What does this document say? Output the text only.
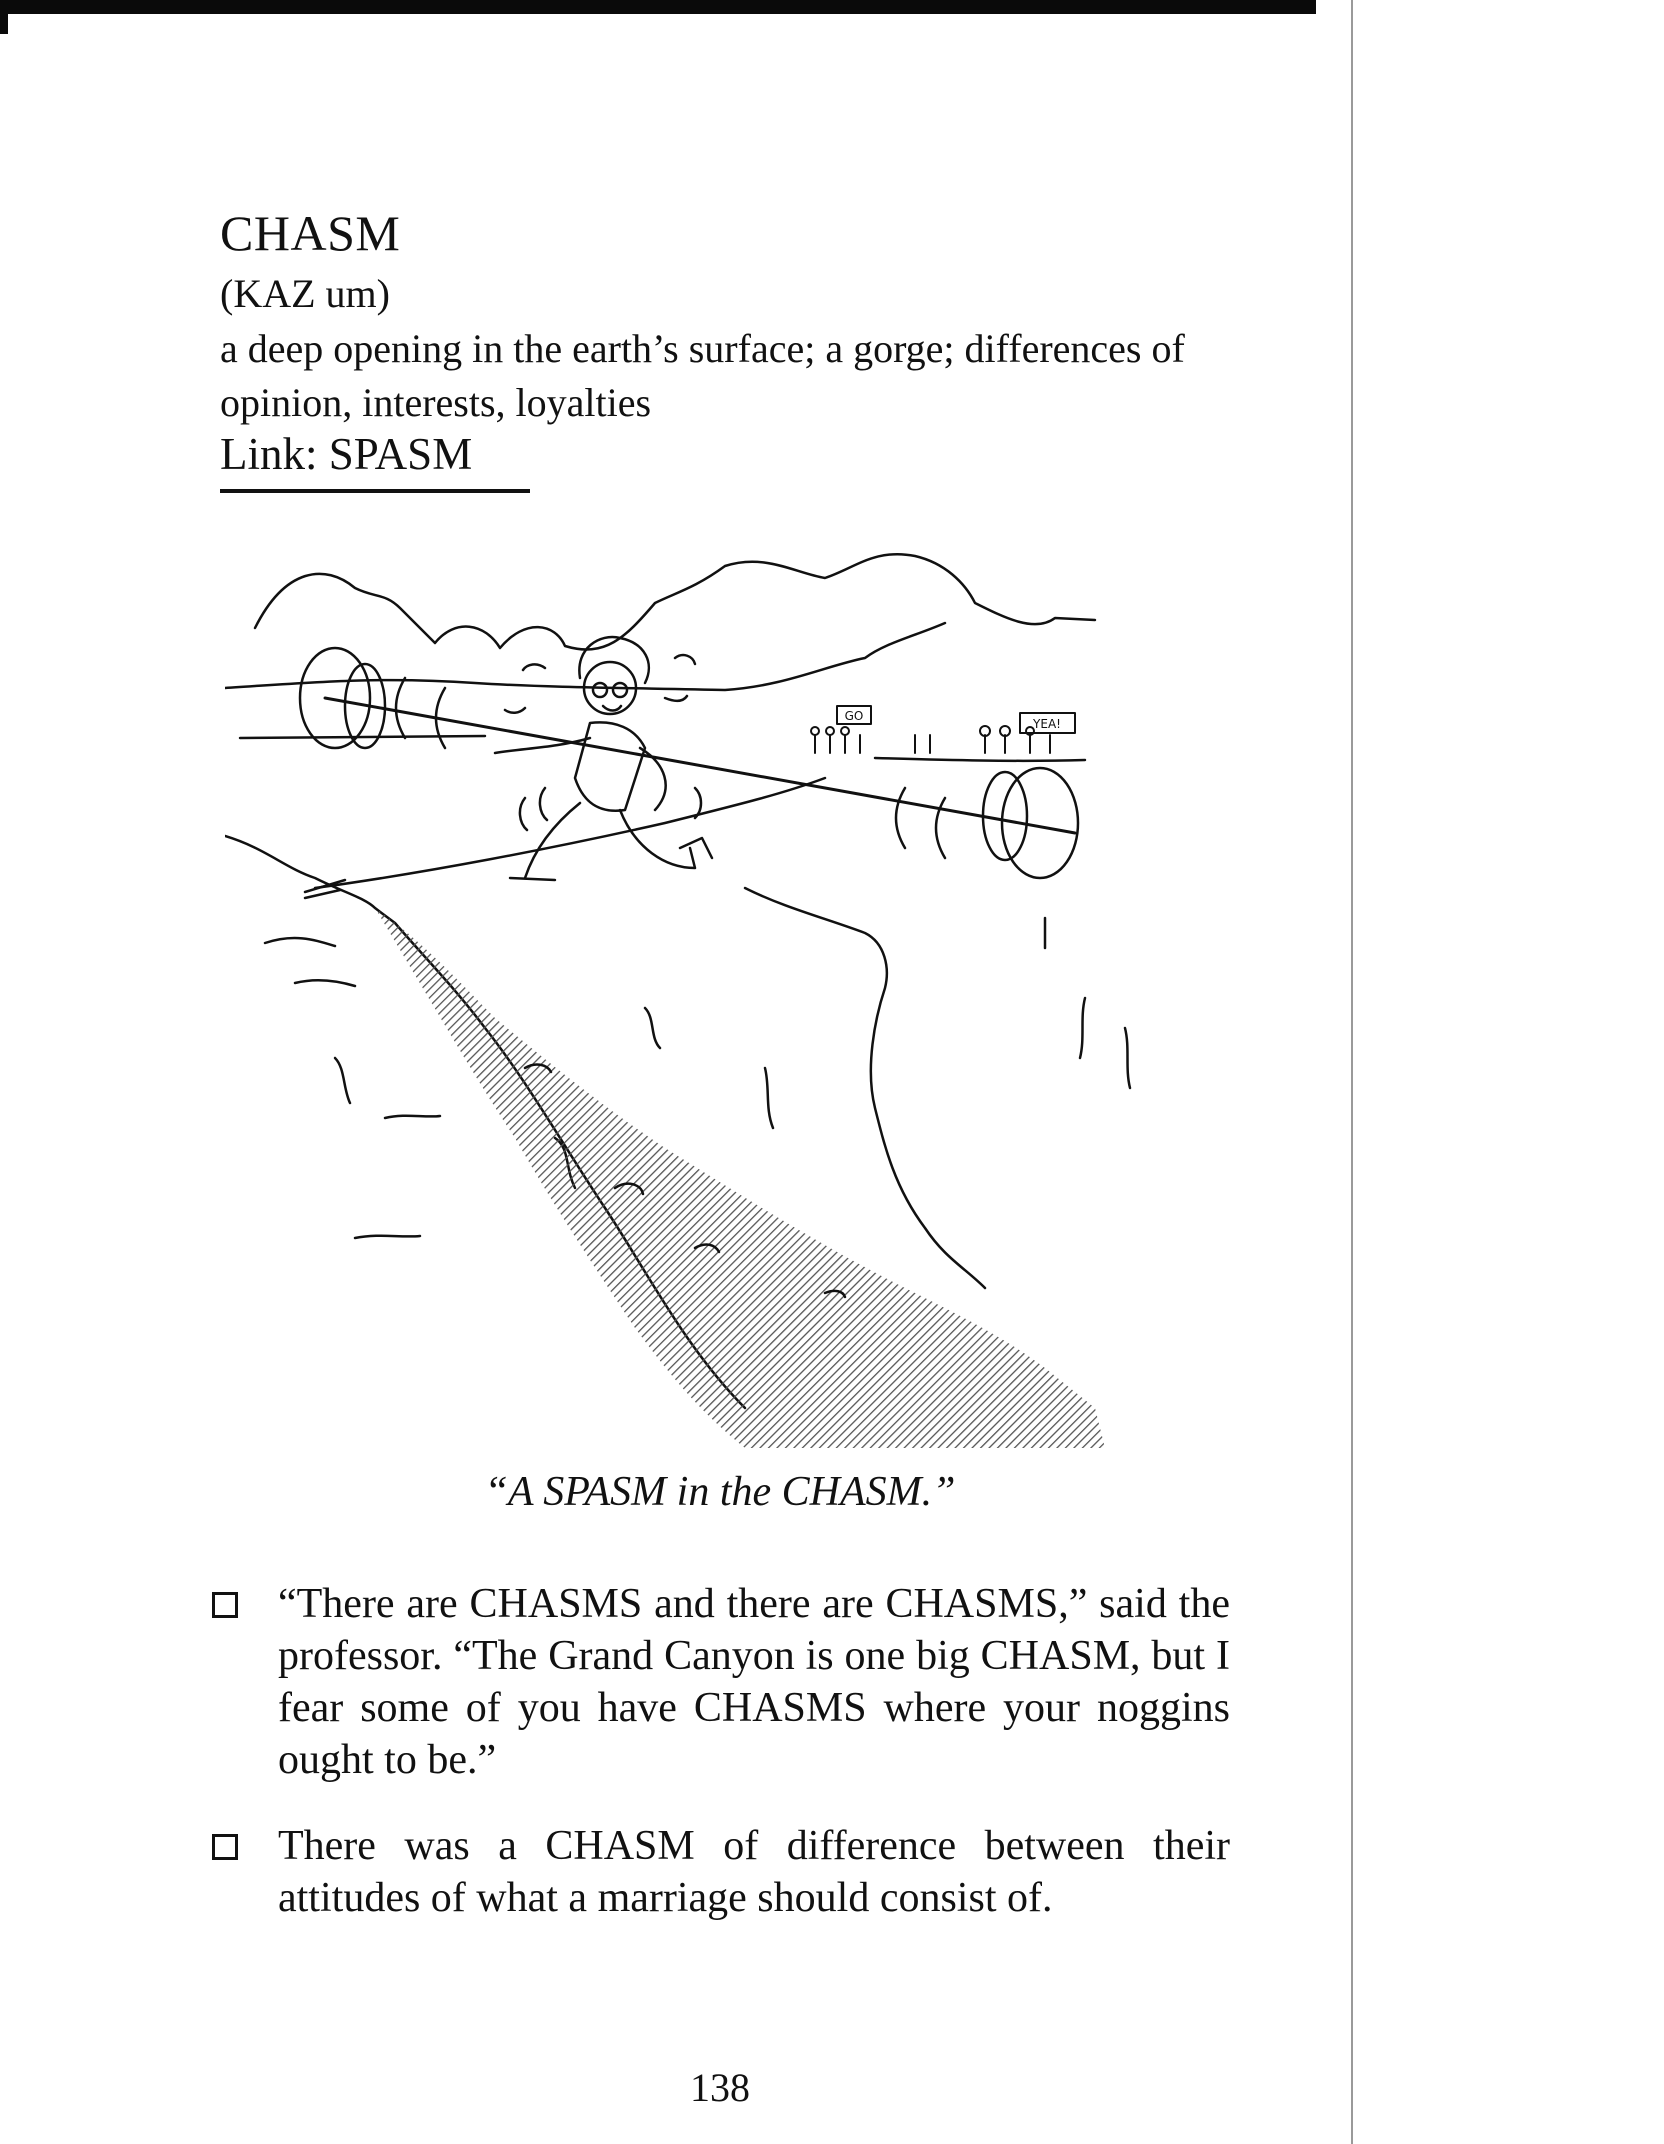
CHASM
(KAZ um)
a deep opening in the earth’s surface; a gorge; differences of opinion, interests, loyalties
Link: SPASM
GO
YEA!
“A SPASM in the CHASM.”
“There are CHASMS and there are CHASMS,” said the professor. “The Grand Canyon is one big CHASM, but I fear some of you have CHASMS where your noggins ought to be.”
There was a CHASM of difference between their attitudes of what a marriage should consist of.
138
